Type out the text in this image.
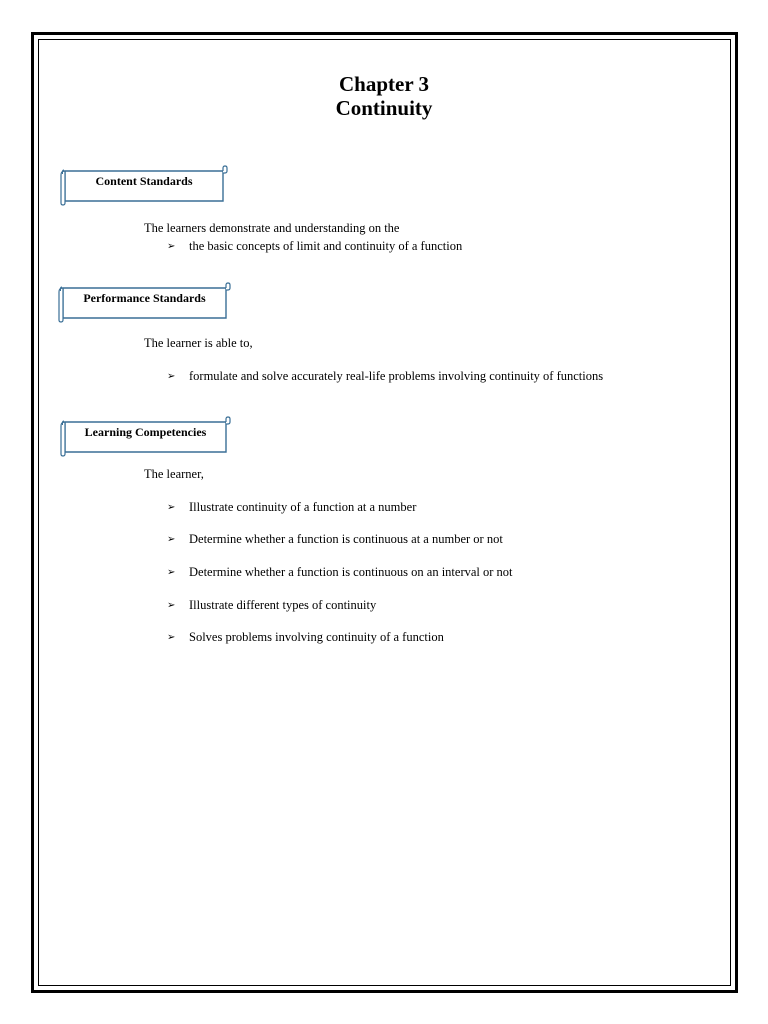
Chapter 3
Continuity
Content Standards
The learners demonstrate and understanding on the
➢ the basic concepts of limit and continuity of a function
Performance Standards
The learner is able to,
➢ formulate and solve accurately real-life problems involving continuity of functions
Learning Competencies
The learner,
➢ Illustrate continuity of a function at a number
➢ Determine whether a function is continuous at a number or not
➢ Determine whether a function is continuous on an interval or not
➢ Illustrate different types of continuity
➢ Solves problems involving continuity of a function
